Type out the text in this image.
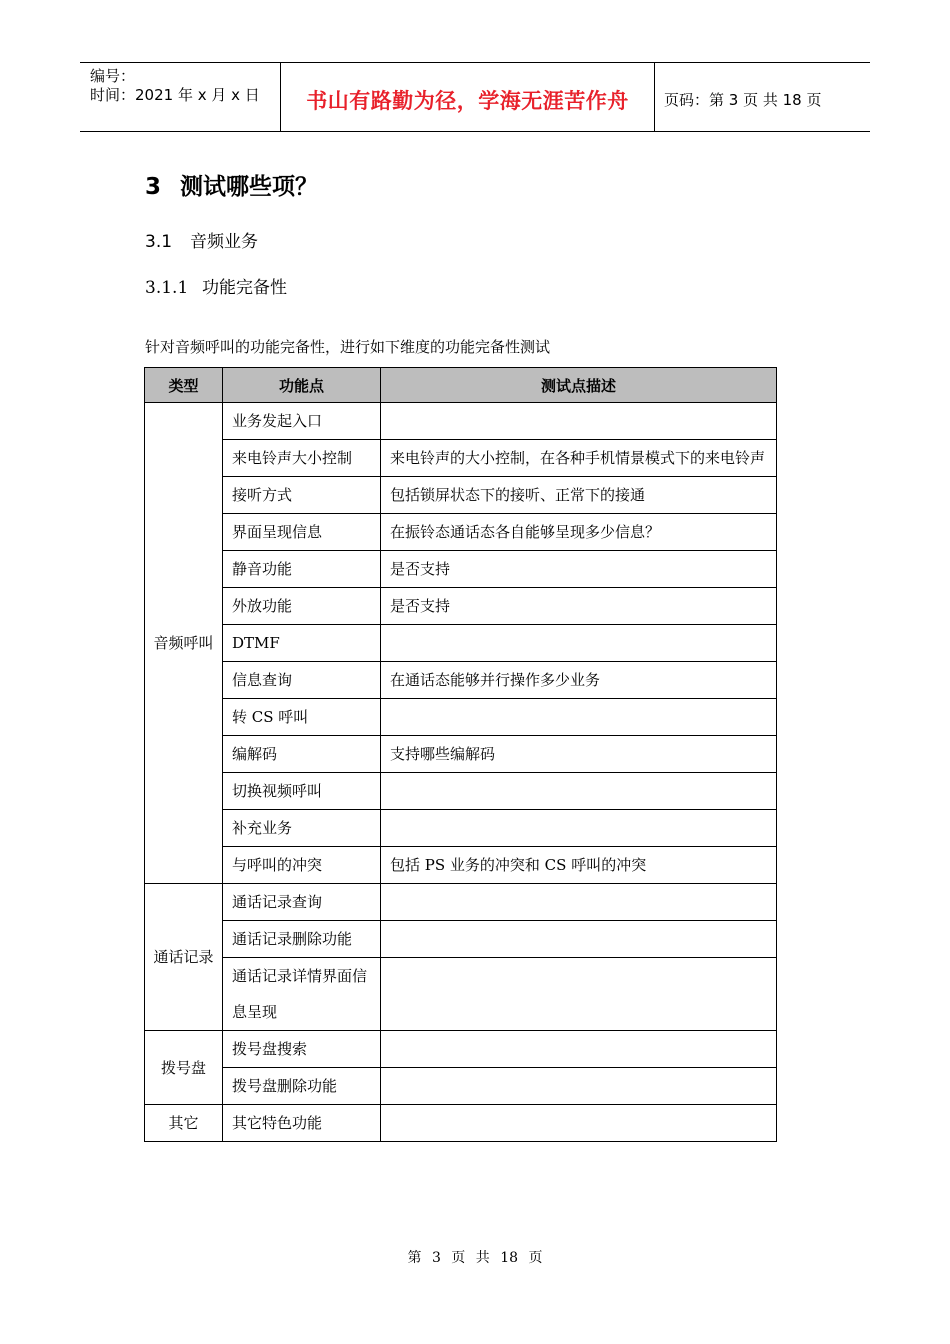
编号：
时间：2021 年 x 月 x 日	书山有路勤为径，学海无涯苦作舟	页码：第 3 页 共 18 页
3 测试哪些项？
3.1 音频业务
3.1.1 功能完备性
针对音频呼叫的功能完备性，进行如下维度的功能完备性测试
类型	功能点	测试点描述
音频呼叫	业务发起入口	
	来电铃声大小控制	来电铃声的大小控制，在各种手机情景模式下的来电铃声
	接听方式	包括锁屏状态下的接听、正常下的接通
	界面呈现信息	在振铃态通话态各自能够呈现多少信息？
	静音功能	是否支持
	外放功能	是否支持
	DTMF	
	信息查询	在通话态能够并行操作多少业务
	转 CS 呼叫	
	编解码	支持哪些编解码
	切换视频呼叫	
	补充业务	
	与呼叫的冲突	包括 PS 业务的冲突和 CS 呼叫的冲突
通话记录	通话记录查询	
	通话记录删除功能	
	通话记录详情界面信息呈现	
拨号盘	拨号盘搜索	
	拨号盘删除功能	
其它	其它特色功能	
第 3 页 共 18 页
